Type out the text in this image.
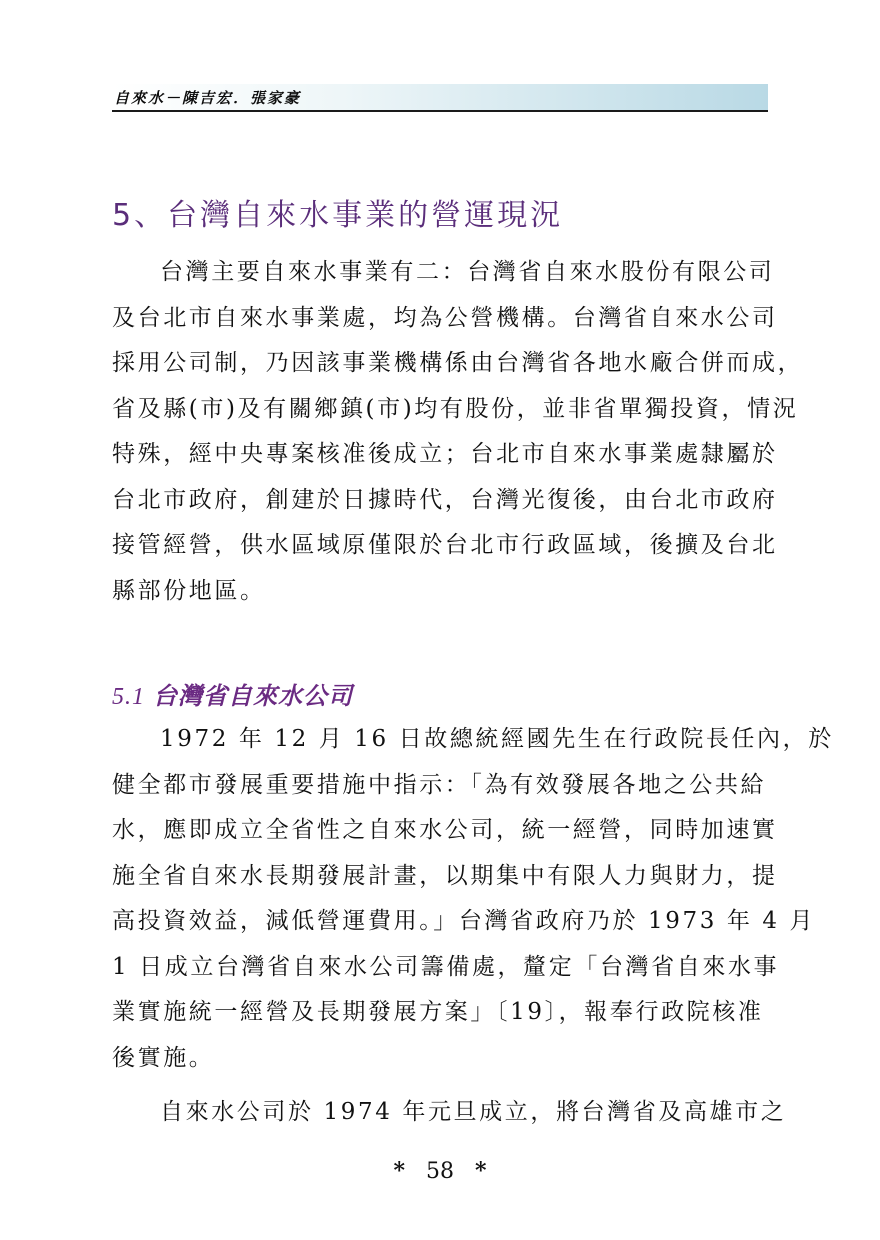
自來水－陳吉宏．張家豪
5、台灣自來水事業的營運現況

台灣主要自來水事業有二：台灣省自來水股份有限公司
及台北市自來水事業處，均為公營機構。台灣省自來水公司
採用公司制，乃因該事業機構係由台灣省各地水廠合併而成，
省及縣(市)及有關鄉鎮(市)均有股份，並非省單獨投資，情況
特殊，經中央專案核准後成立；台北市自來水事業處隸屬於
台北市政府，創建於日據時代，台灣光復後，由台北市政府
接管經營，供水區域原僅限於台北市行政區域，後擴及台北
縣部份地區。

5.1 台灣省自來水公司

1972 年 12 月 16 日故總統經國先生在行政院長任內，於
健全都市發展重要措施中指示：「為有效發展各地之公共給
水，應即成立全省性之自來水公司，統一經營，同時加速實
施全省自來水長期發展計畫，以期集中有限人力與財力，提
高投資效益，減低營運費用。」台灣省政府乃於 1973 年 4 月
1 日成立台灣省自來水公司籌備處，釐定「台灣省自來水事
業實施統一經營及長期發展方案」〔19〕，報奉行政院核准
後實施。

自來水公司於 1974 年元旦成立，將台灣省及高雄市之

* 58 *
